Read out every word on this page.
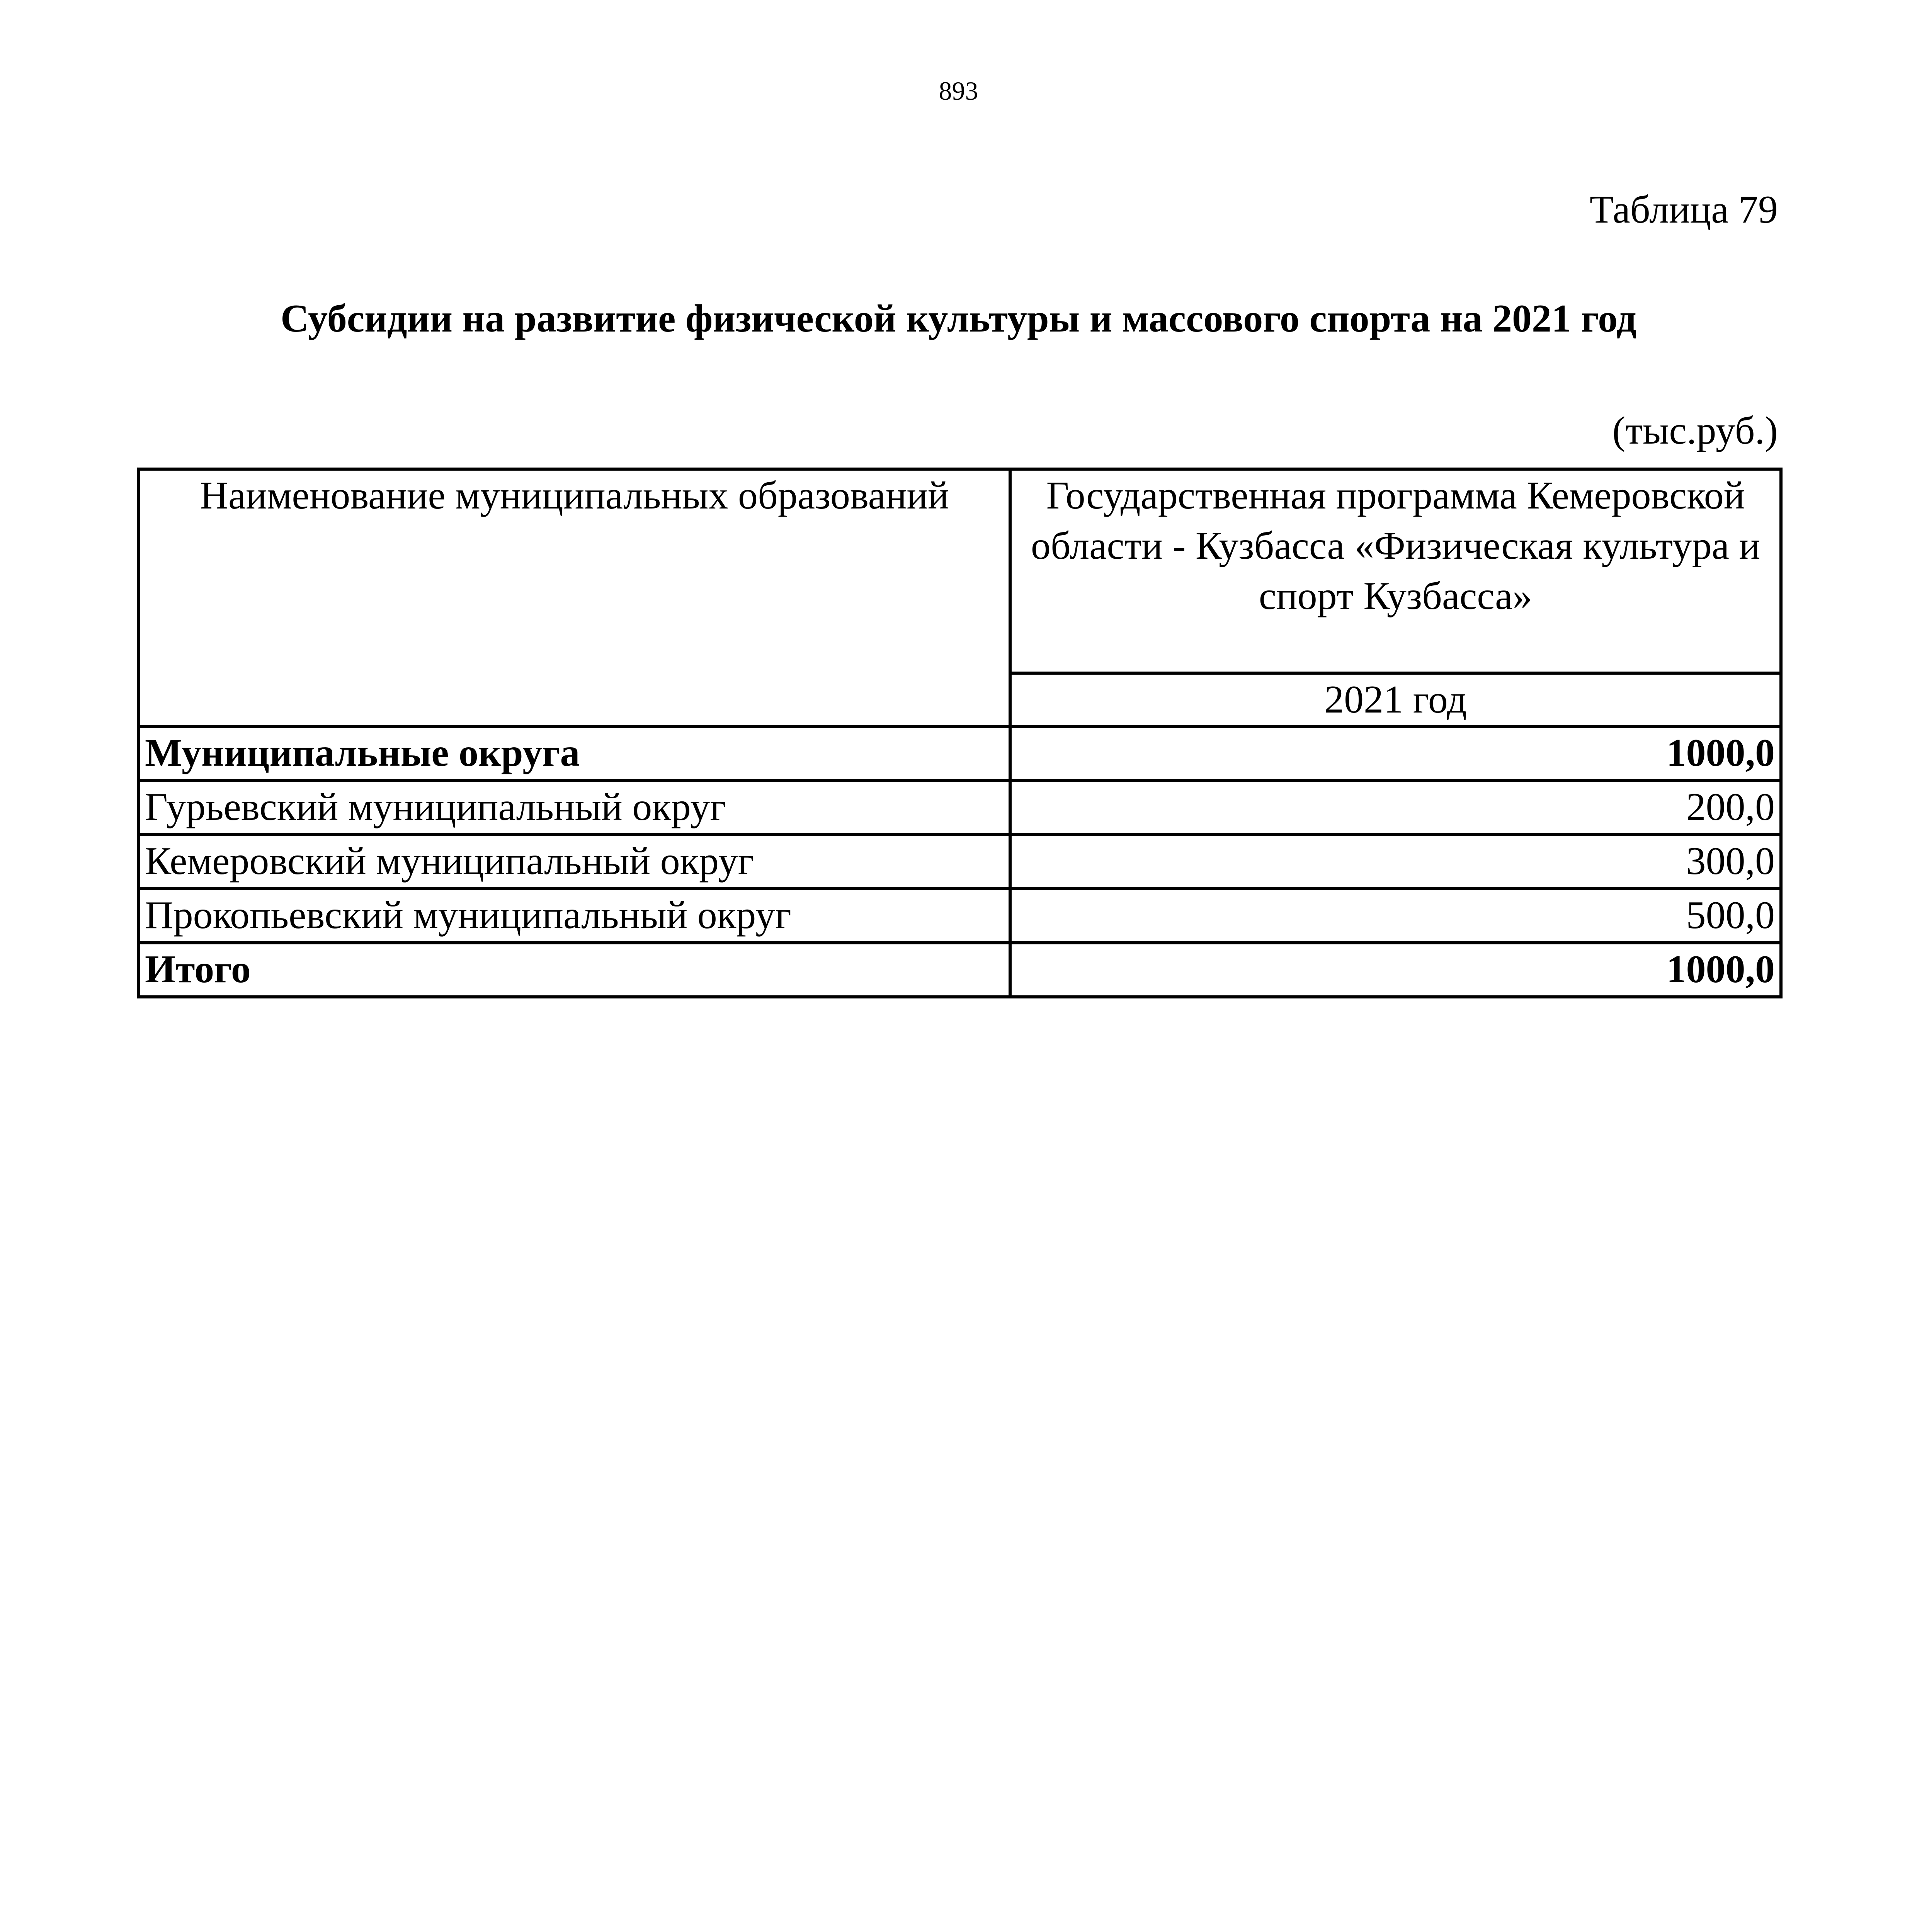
893
Таблица 79
Субсидии на развитие физической культуры и массового спорта на 2021 год
(тыс.руб.)
Наименование муниципальных образований	Государственная программа Кемеровской области - Кузбасса «Физическая культура и спорт Кузбасса»
	2021 год
Муниципальные округа	1000,0
Гурьевский муниципальный округ	200,0
Кемеровский муниципальный округ	300,0
Прокопьевский муниципальный округ	500,0
Итого	1000,0
